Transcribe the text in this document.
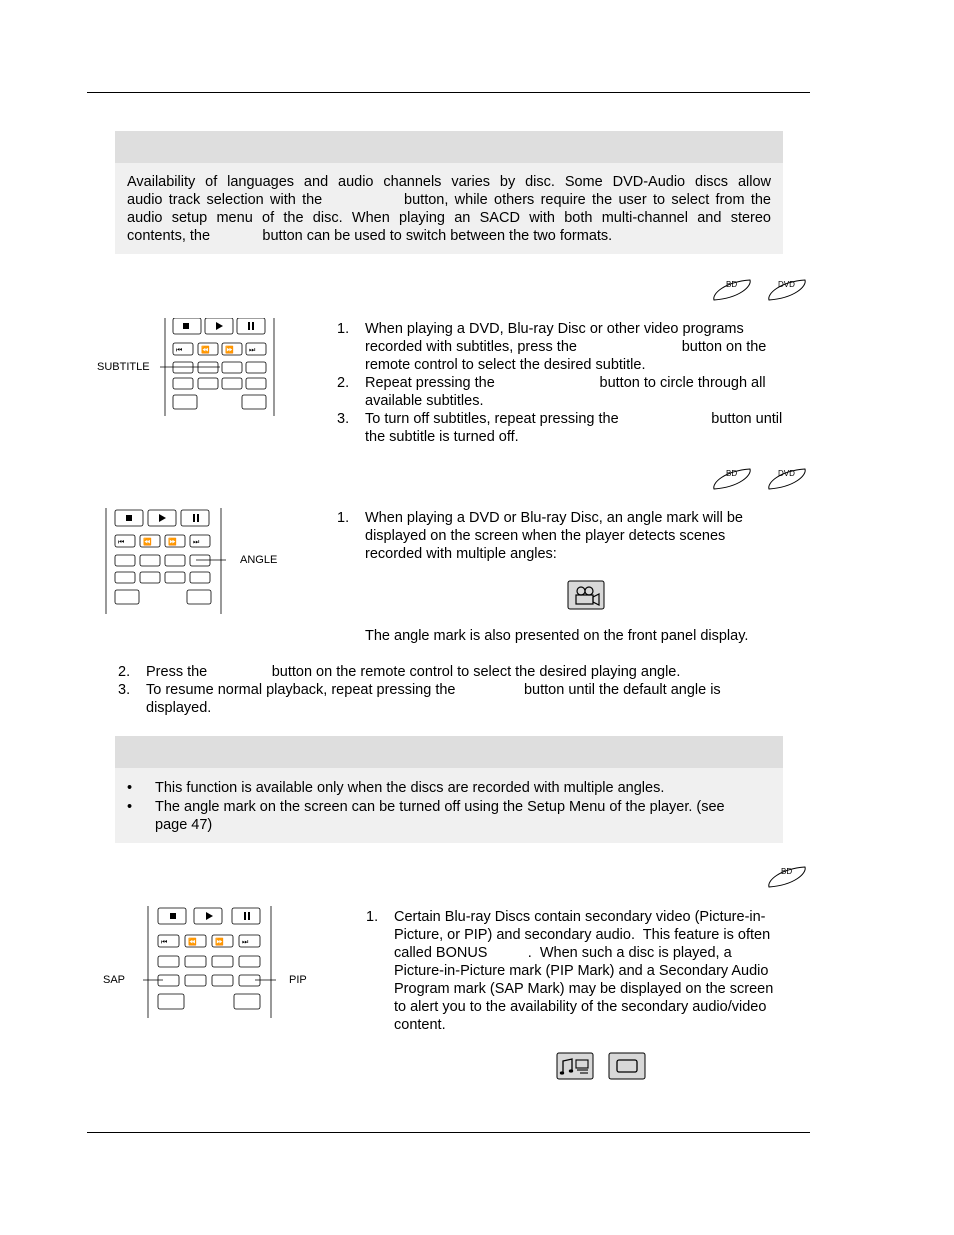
Availability of languages and audio channels varies by disc. Some DVD-Audio discs allow
audio track selection with the             button, while others require the user to select from the
audio setup menu of the disc. When playing an SACD with both multi-channel and stereo
contents, the             button can be used to switch between the two formats.
BD	DVD
BD	DVD
BD
⏮	⏪ ⏩ ⏭
SUBTITLE
1. When playing a DVD, Blu-ray Disc or other video programs
recorded with subtitles, press the                          button on the
remote control to select the desired subtitle.
2. Repeat pressing the                          button to circle through all
available subtitles.
3. To turn off subtitles, repeat pressing the                       button until
the subtitle is turned off.
⏮	⏪ ⏩ ⏭
ANGLE
1. When playing a DVD or Blu-ray Disc, an angle mark will be
displayed on the screen when the player detects scenes
recorded with multiple angles:
The angle mark is also presented on the front panel display.
2. Press the                button on the remote control to select the desired playing angle.
3. To resume normal playback, repeat pressing the                 button until the default angle is
displayed.
• This function is available only when the discs are recorded with multiple angles.
• The angle mark on the screen can be turned off using the Setup Menu of the player. (see
page 47)
⏮	⏪	⏩	⏭
SAP	PIP
1. Certain Blu-ray Discs contain secondary video (Picture-in-
Picture, or PIP) and secondary audio.  This feature is often
called BONUS          .  When such a disc is played, a
Picture-in-Picture mark (PIP Mark) and a Secondary Audio
Program mark (SAP Mark) may be displayed on the screen
to alert you to the availability of the secondary audio/video
content.
